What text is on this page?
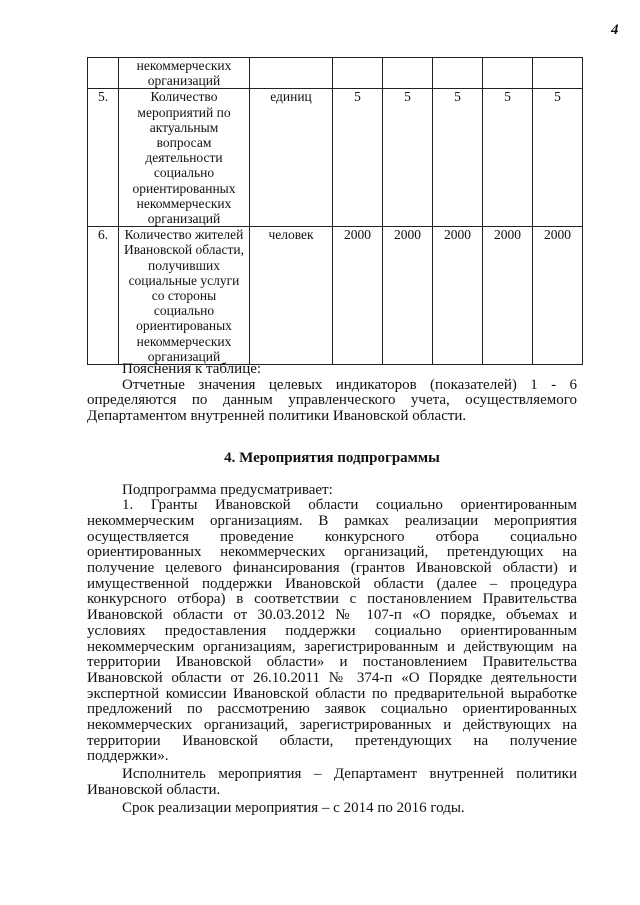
4
	некоммерческих организаций						
5.	Количество мероприятий по актуальным вопросам деятельности социально ориентированных некоммерческих организаций	единиц	5	5	5	5	5
6.	Количество жителей Ивановской области, получивших социальные услуги со стороны социально ориентированых некоммерческих организаций	человек	2000	2000	2000	2000	2000
Пояснения к таблице:
Отчетные значения целевых индикаторов (показателей) 1 - 6
определяются по данным управленческого учета, осуществляемого
Департаментом внутренней политики Ивановской области.
4. Мероприятия подпрограммы
Подпрограмма предусматривает:
1. Гранты Ивановской области социально ориентированным
некоммерческим организациям. В рамках реализации мероприятия
осуществляется проведение конкурсного отбора социально
ориентированных некоммерческих организаций, претендующих на
получение целевого финансирования (грантов Ивановской области) и
имущественной поддержки Ивановской области (далее – процедура
конкурсного отбора) в соответствии с постановлением Правительства
Ивановской области от 30.03.2012 № 107-п «О порядке, объемах и
условиях предоставления поддержки социально ориентированным
некоммерческим организациям, зарегистрированным и действующим на
территории Ивановской области» и постановлением Правительства
Ивановской области от 26.10.2011 № 374-п «О Порядке деятельности
экспертной комиссии Ивановской области по предварительной выработке
предложений по рассмотрению заявок социально ориентированных
некоммерческих организаций, зарегистрированных и действующих на
территории Ивановской области, претендующих на получение
поддержки».
Исполнитель мероприятия – Департамент внутренней политики
Ивановской области.
Срок реализации мероприятия – с 2014 по 2016 годы.
